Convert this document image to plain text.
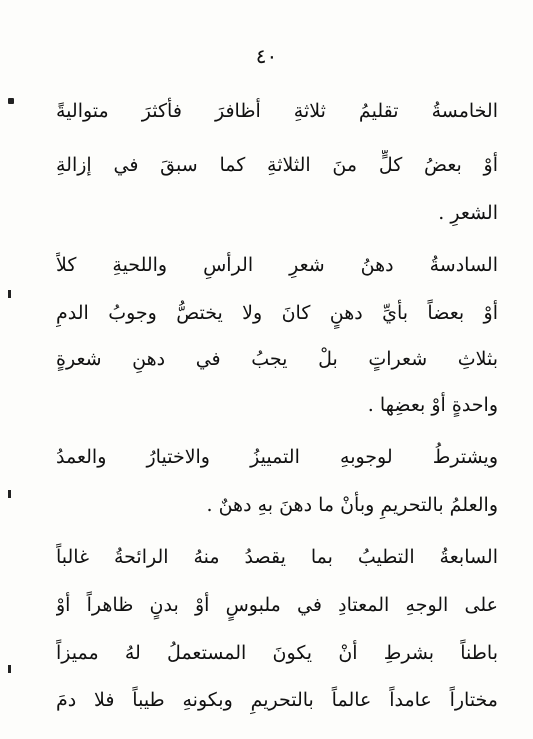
٤٠
الخامسةُ تقليمُ ثلاثةِ أظافرَ فأكثرَ متواليةً
أوْ بعضُ كلٍّ منَ الثلاثةِ كما سبقَ في إزالةِ
الشعرِ .
السادسةُ دهنُ شعرِ الرأسِ واللحيةِ كلاً
أوْ بعضاً بأيِّ دهنٍ كانَ ولا يختصُّ وجوبُ الدمِ
بثلاثِ شعراتٍ بلْ يجبُ في دهنِ شعرةٍ
واحدةٍ أوْ بعضِها .
ويشترطُ لوجوبهِ التمييزُ والاختيارُ والعمدُ
والعلمُ بالتحريمِ وبأنْ ما دهنَ بهِ دهنٌ .
السابعةُ التطيبُ بما يقصدُ منهُ الرائحةُ غالباً
على الوجهِ المعتادِ في ملبوسٍ أوْ بدنٍ ظاهراً أوْ
باطناً بشرطِ أنْ يكونَ المستعملُ لهُ مميزاً
مختاراً عامداً عالماً بالتحريمِ وبكونهِ طيباً فلا دمَ
